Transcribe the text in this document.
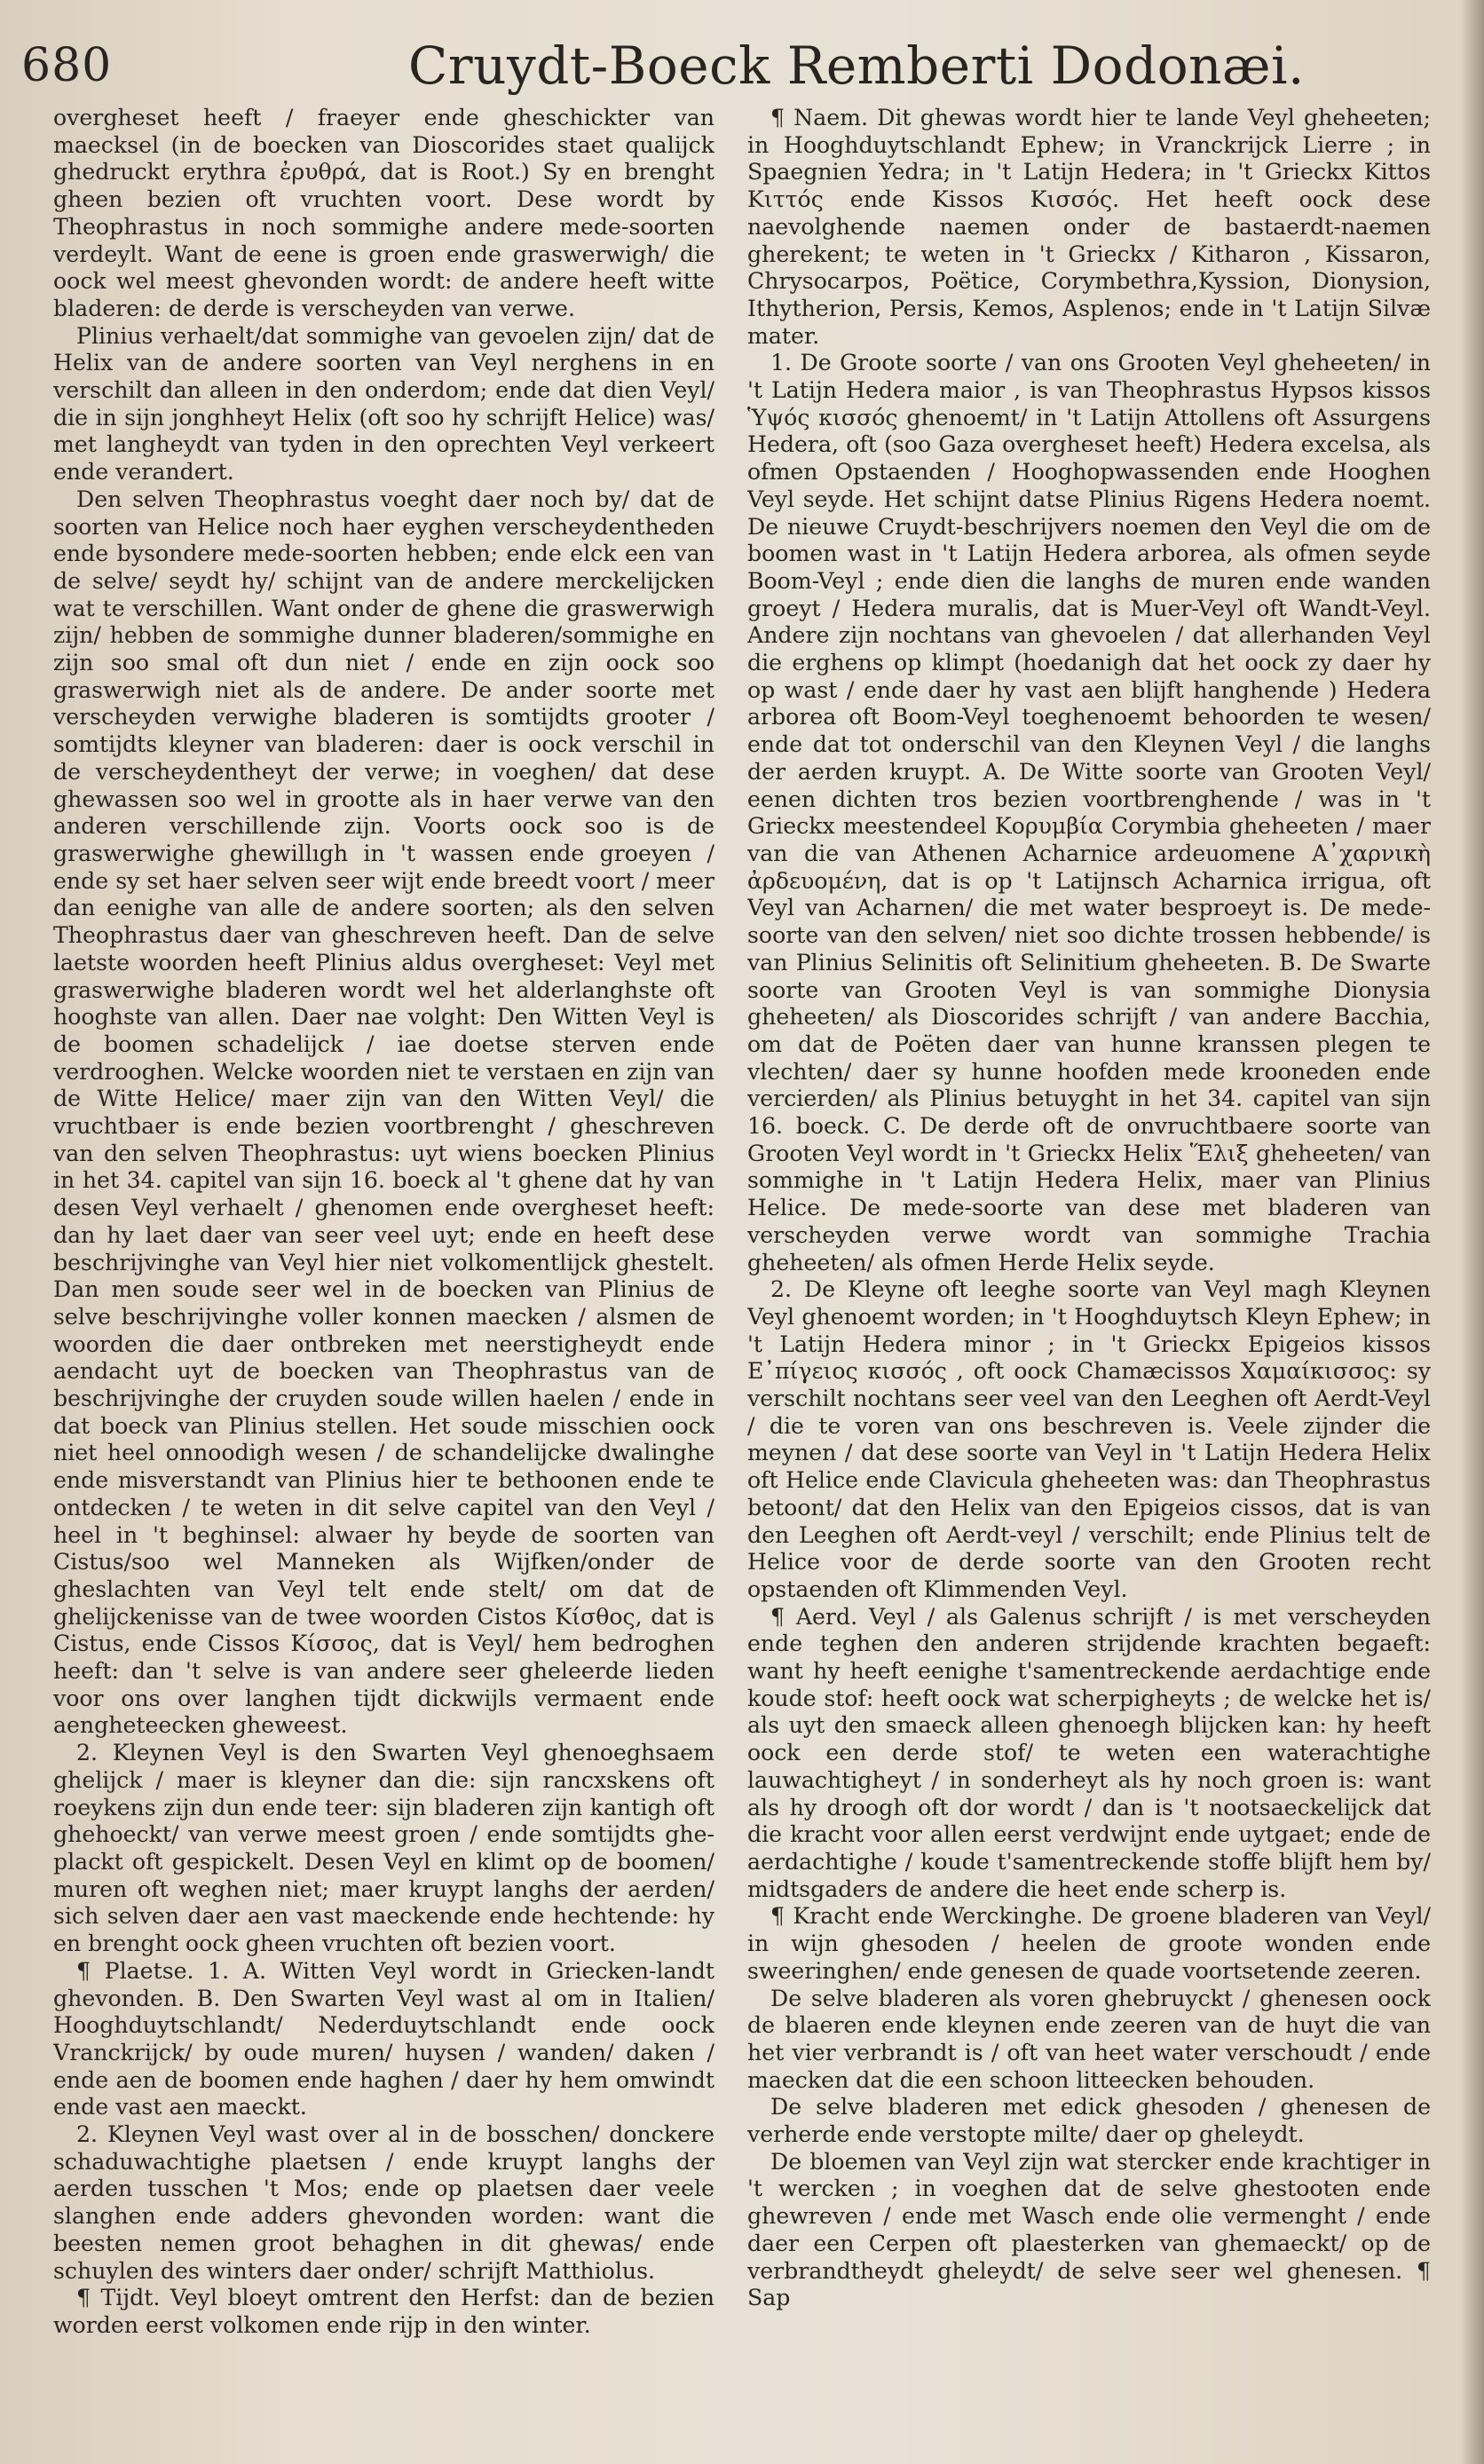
680	Cruydt-Boeck Remberti Dodonæi.

overgheset heeft / fraeyer ende gheschickter van maecksel (in de boecken van Dioscorides staet qualijck ghedruckt erythra ἐρυθρά, dat is Root.) Sy en brenght gheen bezien oft vruchten voort. Dese wordt by Theophrastus in noch sommighe andere mede-soorten verdeylt. Want de eene is groen ende graswerwigh/ die oock wel meest ghevonden wordt: de andere heeft witte bladeren: de derde is verscheyden van verwe.

Plinius verhaelt/dat sommighe van gevoelen zijn/ dat de Helix van de andere soorten van Veyl nerghens in en verschilt dan alleen in den onderdom; ende dat dien Veyl/ die in sijn jonghheyt Helix (oft soo hy schrijft Helice) was/ met langheydt van tyden in den oprechten Veyl verkeert ende verandert.

Den selven Theophrastus voeght daer noch by/ dat de soorten van Helice noch haer eyghen verscheydentheden ende bysondere mede-soorten hebben; ende elck een van de selve/ seydt hy/ schijnt van de andere merckelijcken wat te verschillen. Want onder de ghene die graswerwigh zijn/ hebben de sommighe dunner bladeren/sommighe en zijn soo smal oft dun niet / ende en zijn oock soo graswerwigh niet als de andere. De ander soorte met verscheyden verwighe bladeren is somtijdts grooter / somtijdts kleyner van bladeren: daer is oock verschil in de verscheydentheyt der verwe; in voeghen/ dat dese ghewassen soo wel in grootte als in haer verwe van den anderen verschillende zijn. Voorts oock soo is de graswerwighe ghewillıgh in 't wassen ende groeyen / ende sy set haer selven seer wijt ende breedt voort / meer dan eenighe van alle de andere soorten; als den selven Theophrastus daer van gheschreven heeft. Dan de selve laetste woorden heeft Plinius aldus overgheset: Veyl met graswerwighe bladeren wordt wel het alderlanghste oft hooghste van allen. Daer nae volght: Den Witten Veyl is de boomen schadelijck / iae doetse sterven ende verdrooghen. Welcke woorden niet te verstaen en zijn van de Witte Helice/ maer zijn van den Witten Veyl/ die vruchtbaer is ende bezien voortbrenght / gheschreven van den selven Theophrastus: uyt wiens boecken Plinius in het 34. capitel van sijn 16. boeck al 't ghene dat hy van desen Veyl verhaelt / ghenomen ende overgheset heeft: dan hy laet daer van seer veel uyt; ende en heeft dese beschrijvinghe van Veyl hier niet volkomentlijck ghestelt. Dan men soude seer wel in de boecken van Plinius de selve beschrijvinghe voller konnen maecken / alsmen de woorden die daer ontbreken met neerstigheydt ende aendacht uyt de boecken van Theophrastus van de beschrijvinghe der cruyden soude willen haelen / ende in dat boeck van Plinius stellen. Het soude misschien oock niet heel onnoodigh wesen / de schandelijcke dwalinghe ende misverstandt van Plinius hier te bethoonen ende te ontdecken / te weten in dit selve capitel van den Veyl / heel in 't beghinsel: alwaer hy beyde de soorten van Cistus/soo wel Manneken als Wijfken/onder de gheslachten van Veyl telt ende stelt/ om dat de ghelijckenisse van de twee woorden Cistos Κίσθος, dat is Cistus, ende Cissos Κίσσος, dat is Veyl/ hem bedroghen heeft: dan 't selve is van andere seer gheleerde lieden voor ons over langhen tijdt dickwijls vermaent ende aengheteecken ghewеest.

2. Kleynen Veyl is den Swarten Veyl ghenoeghsaem ghelijck / maer is kleyner dan die: sijn rancxskens oft roeykens zijn dun ende teer: sijn bladeren zijn kantigh oft ghehoeckt/ van verwe meest groen / ende somtijdts ghe-plackt oft gespickelt. Desen Veyl en klimt op de boomen/ muren oft weghen niet; maer kruypt langhs der aerden/ sich selven daer aen vast maeckende ende hechtende: hy en brenght oock gheen vruchten oft bezien voort.

¶ Plaetse. 1. A. Witten Veyl wordt in Griecken-landt ghevonden. B. Den Swarten Veyl wast al om in Italien/ Hooghduytschlandt/ Nederduytschlandt ende oock Vranckrijck/ by oude muren/ huysen / wanden/ daken / ende aen de boomen ende haghen / daer hy hem omwindt ende vast aen maeckt.

2. Kleynen Veyl wast over al in de bosschen/ donckere schaduwachtighe plaetsen / ende kruypt langhs der aerden tusschen 't Mos; ende op plaetsen daer veele slanghen ende adders ghevonden worden: want die beesten nemen groot behaghen in dit ghewas/ ende schuylen des winters daer onder/ schrijft Matthiolus.

¶ Tijdt. Veyl bloeyt omtrent den Herfst: dan de bezien worden eerst volkomen ende rijp in den winter.

¶ Naem. Dit ghewas wordt hier te lande Veyl gheheeten; in Hooghduytschlandt Ephew; in Vranckrijck Lierre ; in Spaegnien Yedra; in 't Latijn Hedera; in 't Grieckx Kittos Κιττός ende Kissos Κισσός. Het heeft oock dese naevolghende naemen onder de bastaerdt-naemen gherekent; te weten in 't Grieckx / Kitharon , Kissaron, Chrysocarpos, Poëtice, Corymbethra,Kyssion, Dionysion, Ithytherion, Persis, Kemos, Asplenos; ende in 't Latijn Silvæ mater.

1. De Groote soorte / van ons Grooten Veyl gheheeten/ in 't Latijn Hedera maior , is van Theophrastus Hypsos kissos Ὑψός κισσός ghenoemt/ in 't Latijn Attollens oft Assurgens Hedera, oft (soo Gaza overgheset heeft) Hedera excelsa, als ofmen Opstaenden / Hooghopwassenden ende Hooghen Veyl seyde. Het schijnt datse Plinius Rigens Hedera noemt. De nieuwe Cruydt-beschrijvers noemen den Veyl die om de boomen wast in 't Latijn Hedera arborea, als ofmen seyde Boom-Veyl ; ende dien die langhs de muren ende wanden groeyt / Hedera muralis, dat is Muer-Veyl oft Wandt-Veyl. Andere zijn nochtans van ghevoelen / dat allerhanden Veyl die erghens op klimpt (hoedanigh dat het oock zy daer hy op wast / ende daer hy vast aen blijft hanghende ) Hedera arborea oft Boom-Veyl toeghenoemt behoorden te wesen/ ende dat tot onderschil van den Kleynen Veyl / die langhs der aerden kruypt. A. De Witte soorte van Grooten Veyl/ eenen dichten tros bezien voortbrenghende / was in 't Grieckx meestendeel Κορυμβία Corymbia gheheeten / maer van die van Athenen Acharnice ardeuomene Α᾽χαρνικὴ ἀρδευομένη, dat is op 't Latijnsch Acharnica irrigua, oft Veyl van Acharnen/ die met water besproeyt is. De mede-soorte van den selven/ niet soo dichte trossen hebbende/ is van Plinius Selinitis oft Selinitium gheheeten. B. De Swarte soorte van Grooten Veyl is van sommighe Dionysia gheheeten/ als Dioscorides schrijft / van andere Bacchia, om dat de Poëten daer van hunne kranssen plegen te vlechten/ daer sy hunne hoofden mede krooneden ende vercierden/ als Plinius betuyght in het 34. capitel van sijn 16. boeck. C. De derde oft de onvruchtbaere soorte van Grooten Veyl wordt in 't Grieckx Helix Ἕλιξ gheheeten/ van sommighe in 't Latijn Hedera Helix, maer van Plinius Helice. De mede-soorte van dese met bladeren van verscheyden verwe wordt van sommighe Trachia gheheeten/ als ofmen Herde Helix seyde.

2. De Kleyne oft leeghe soorte van Veyl magh Kleynen Veyl ghenoemt worden; in 't Hooghduytsch Kleyn Ephew; in 't Latijn Hedera minor ; in 't Grieckx Epigeios kissos Ε᾽πίγειος κισσός , oft oock Chamæcissos Χαμαίκισσος: sy verschilt nochtans seer veel van den Leeghen oft Aerdt-Veyl / die te voren van ons beschreven is. Veele zijnder die meynen / dat dese soorte van Veyl in 't Latijn Hedera Helix oft Helice ende Clavicula gheheeten was: dan Theophrastus betoont/ dat den Helix van den Epigeios cissos, dat is van den Leeghen oft Aerdt-veyl / verschilt; ende Plinius telt de Helice voor de derde soorte van den Grooten recht opstaenden oft Klimmenden Veyl.

¶ Aerd. Veyl / als Galenus schrijft / is met verscheyden ende teghen den anderen strijdende krachten begaeft: want hy heeft eenighe t'samentreckende aerdachtige ende koude stof: heeft oock wat scherpigheyts ; de welcke het is/ als uyt den smaeck alleen ghenoegh blijcken kan: hy heeft oock een derde stof/ te weten een waterachtighe lauwachtigheyt / in sonderheyt als hy noch groen is: want als hy droogh oft dor wordt / dan is 't nootsaeckelijck dat die kracht voor allen eerst verdwijnt ende uytgaet; ende de aerdachtighe / koude t'samentreckende stoffe blijft hem by/ midtsgaders de andere die heet ende scherp is.

¶ Kracht ende Werckinghe. De groene bladeren van Veyl/ in wijn ghesoden / heelen de groote wonden ende sweeringhen/ ende genesen de quade voortsetende zeeren.

De selve bladeren als voren ghebruyckt / ghenesen oock de blaeren ende kleynen ende zeeren van de huyt die van het vier verbrandt is / oft van heet water verschoudt / ende maecken dat die een schoon litteecken behouden.

De selve bladeren met edick ghesoden / ghenesen de verherde ende verstopte milte/ daer op gheleydt.

De bloemen van Veyl zijn wat stercker ende krachtiger in 't wercken ; in voeghen dat de selve ghestooten ende ghewreven / ende met Wasch ende olie vermenght / ende daer een Cerpen oft plaesterken van ghemaeckt/ op de verbrandtheydt gheleydt/ de selve seer wel ghenesen. ¶ Sap
